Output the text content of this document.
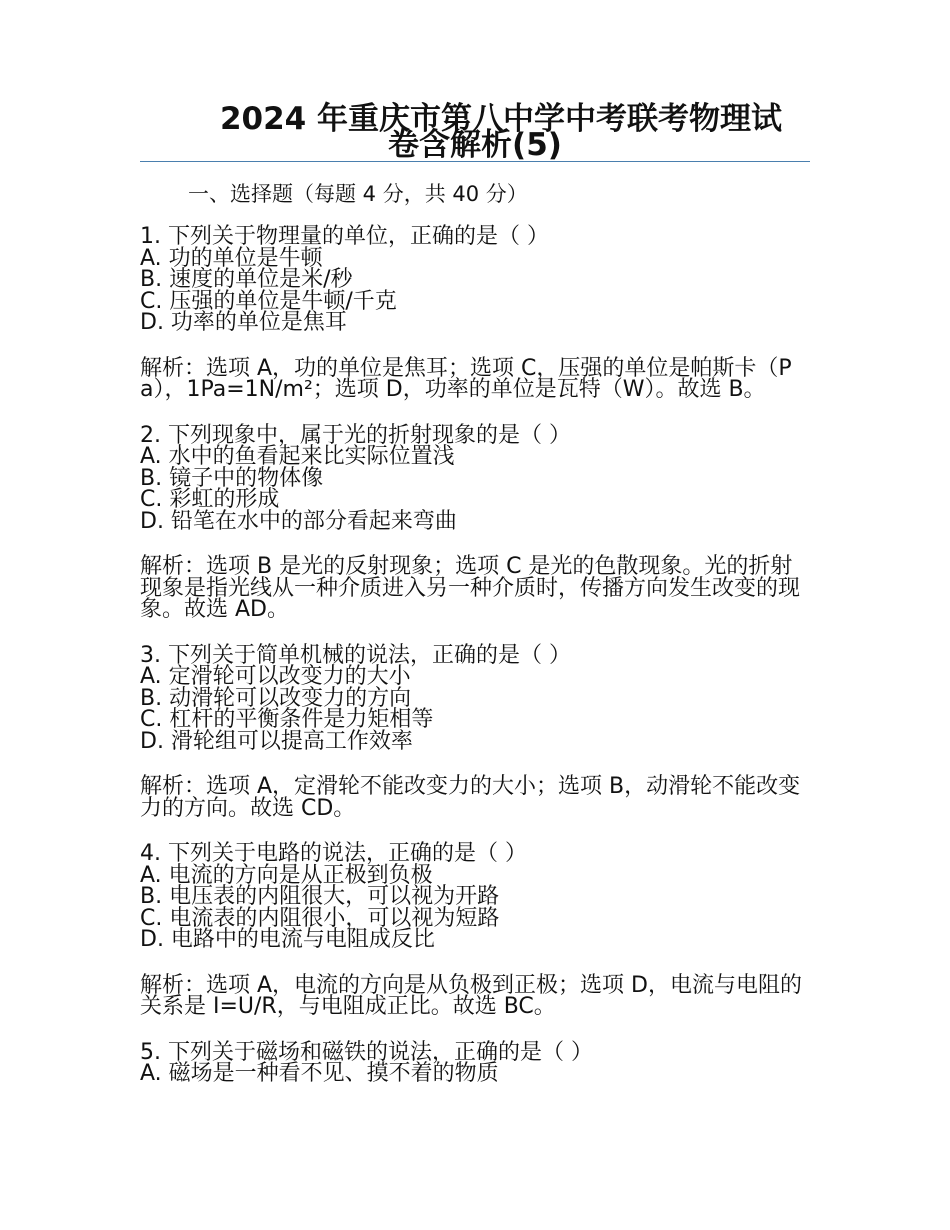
2024 年重庆市第八中学中考联考物理试
卷含解析(5)
一、选择题（每题 4 分，共 40 分）
1. 下列关于物理量的单位，正确的是（ ）
A. 功的单位是牛顿
B. 速度的单位是米/秒
C. 压强的单位是牛顿/千克
D. 功率的单位是焦耳
解析：选项 A，功的单位是焦耳；选项 C，压强的单位是帕斯卡（Pa），1Pa=1N/m²；选项 D，功率的单位是瓦特（W）。故选 B。
2. 下列现象中，属于光的折射现象的是（ ）
A. 水中的鱼看起来比实际位置浅
B. 镜子中的物体像
C. 彩虹的形成
D. 铅笔在水中的部分看起来弯曲
解析：选项 B 是光的反射现象；选项 C 是光的色散现象。光的折射现象是指光线从一种介质进入另一种介质时，传播方向发生改变的现象。故选 AD。
3. 下列关于简单机械的说法，正确的是（ ）
A. 定滑轮可以改变力的大小
B. 动滑轮可以改变力的方向
C. 杠杆的平衡条件是力矩相等
D. 滑轮组可以提高工作效率
解析：选项 A，定滑轮不能改变力的大小；选项 B，动滑轮不能改变力的方向。故选 CD。
4. 下列关于电路的说法，正确的是（ ）
A. 电流的方向是从正极到负极
B. 电压表的内阻很大，可以视为开路
C. 电流表的内阻很小，可以视为短路
D. 电路中的电流与电阻成反比
解析：选项 A，电流的方向是从负极到正极；选项 D，电流与电阻的关系是 I=U/R，与电阻成正比。故选 BC。
5. 下列关于磁场和磁铁的说法，正确的是（ ）
A. 磁场是一种看不见、摸不着的物质
